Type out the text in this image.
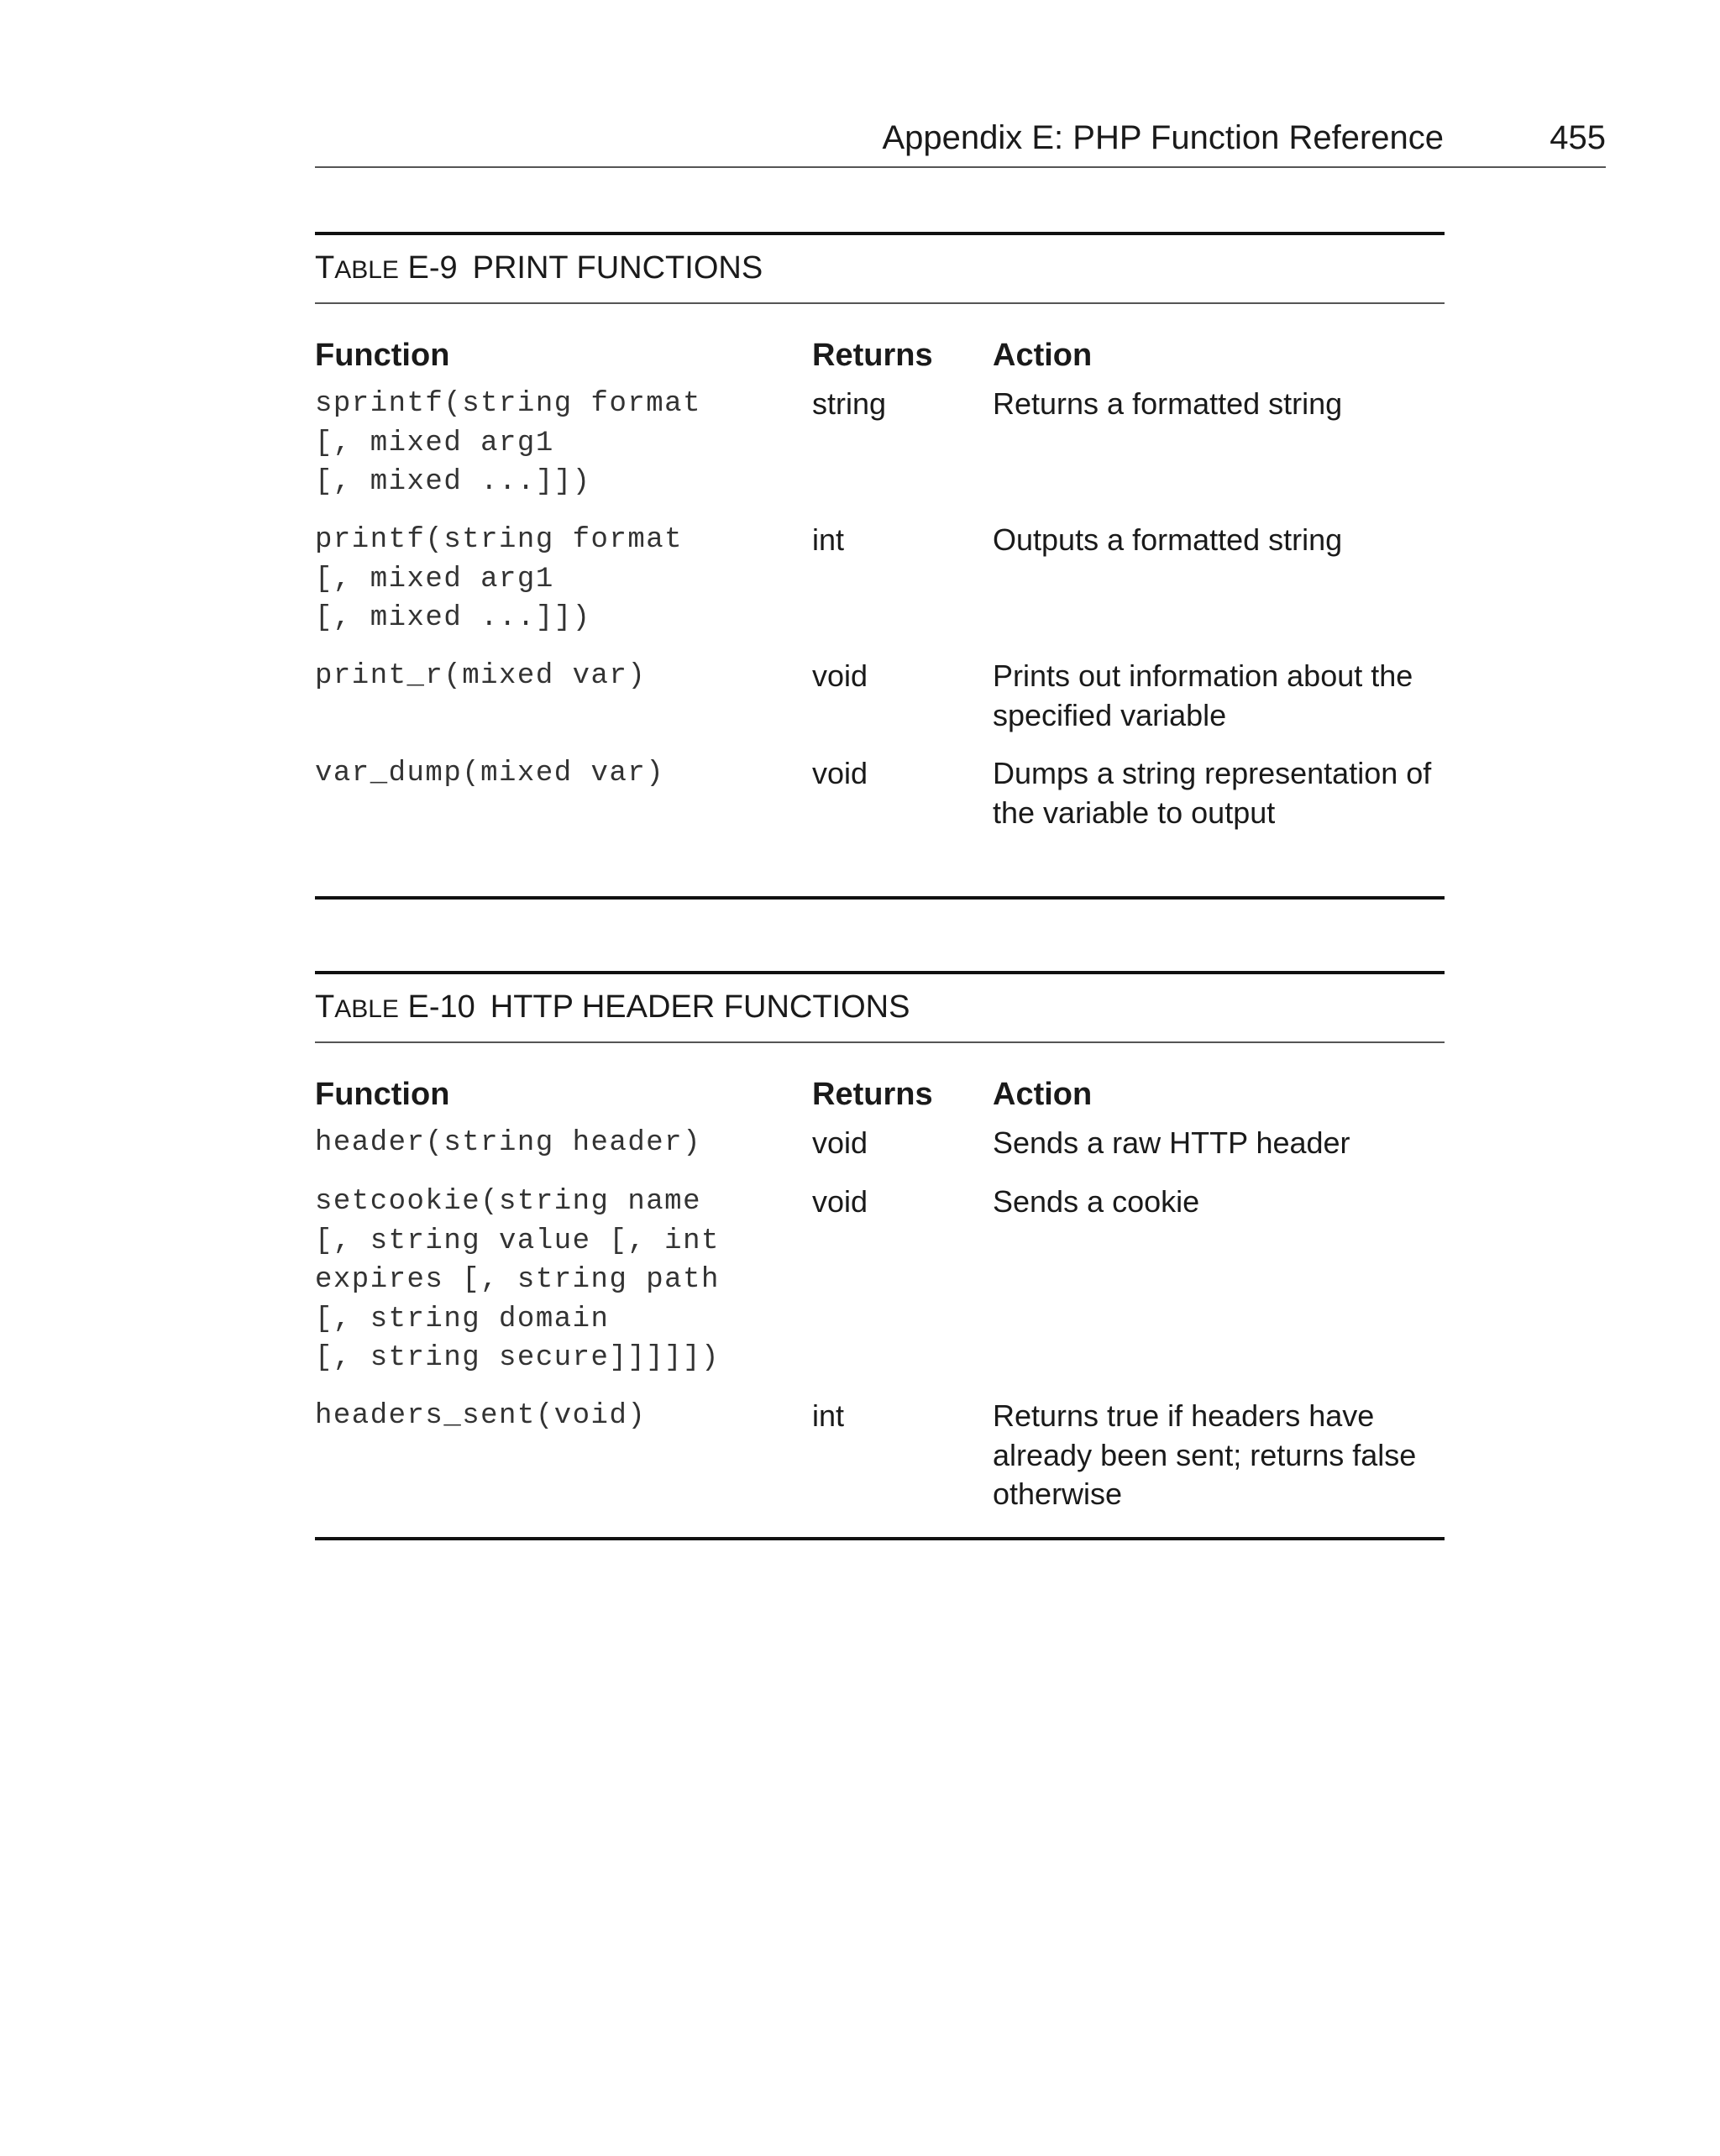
Appendix E: PHP Function Reference	455
TABLE E-9 PRINT FUNCTIONS
Function	Returns Action
sprintf(string format
[, mixed arg1
[, mixed ...]])
string	Returns a formatted string
printf(string format
[, mixed arg1
[, mixed ...]])
int	Outputs a formatted string
print_r(mixed var)	void	Prints out information about the specified variable
var_dump(mixed var)	void	Dumps a string representation of the variable to output
TABLE E-10 HTTP HEADER FUNCTIONS
Function	Returns Action
header(string header)	void	Sends a raw HTTP header
setcookie(string name
[, string value [, int
expires [, string path
[, string domain
[, string secure]]]]])
void	Sends a cookie
headers_sent(void)	int	Returns true if headers have already been sent; returns false otherwise
